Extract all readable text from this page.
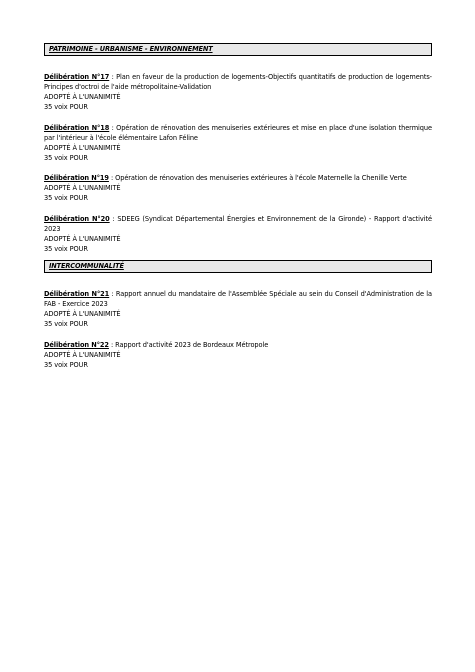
PATRIMOINE - URBANISME - ENVIRONNEMENT

Délibération N°17 : Plan en faveur de la production de logements-Objectifs quantitatifs de production de logements-Principes d'octroi de l'aide métropolitaine-Validation

ADOPTÉ À L'UNANIMITÉ

35 voix POUR

Délibération N°18 : Opération de rénovation des menuiseries extérieures et mise en place d'une isolation thermique par l'intérieur à l'école élémentaire Lafon Féline

ADOPTÉ À L'UNANIMITÉ

35 voix POUR

Délibération N°19 : Opération de rénovation des menuiseries extérieures à l'école Maternelle la Chenille Verte

ADOPTÉ À L'UNANIMITÉ

35 voix POUR

Délibération N°20 : SDEEG (Syndicat Départemental Énergies et Environnement de la Gironde) - Rapport d'activité 2023

ADOPTÉ À L'UNANIMITÉ

35 voix POUR

INTERCOMMUNALITÉ

Délibération N°21 : Rapport annuel du mandataire de l'Assemblée Spéciale au sein du Conseil d'Administration de la FAB - Exercice 2023

ADOPTÉ À L'UNANIMITÉ

35 voix POUR

Délibération N°22 : Rapport d'activité 2023 de Bordeaux Métropole

ADOPTÉ À L'UNANIMITÉ

35 voix POUR
